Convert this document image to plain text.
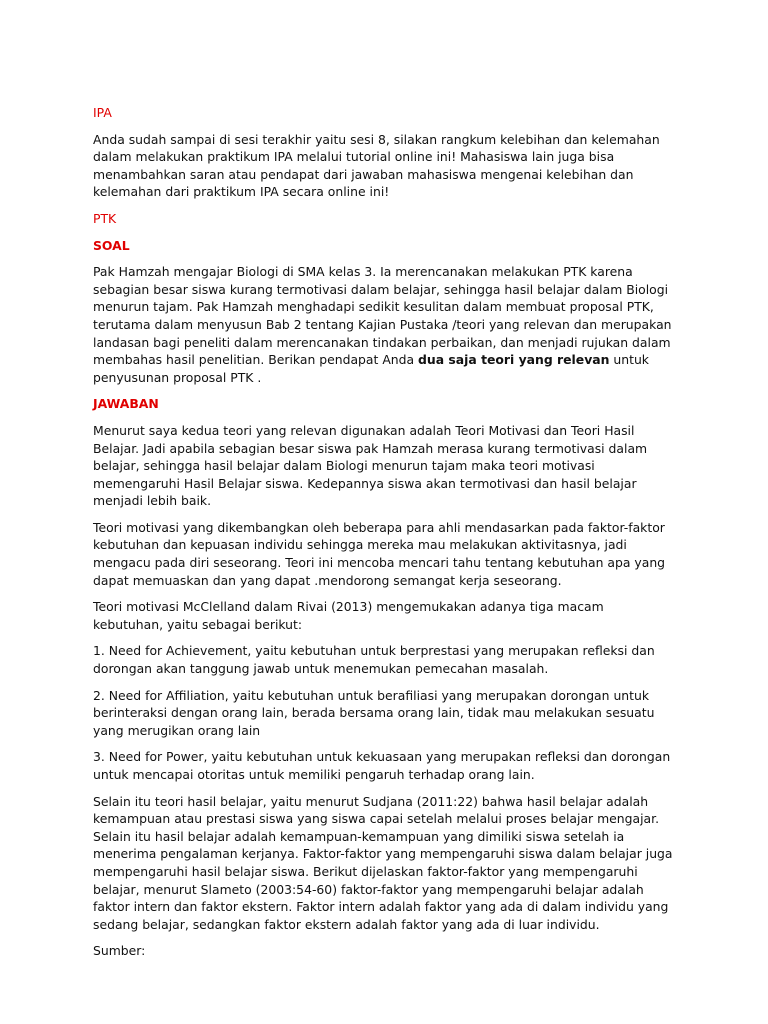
IPA

Anda sudah sampai di sesi terakhir yaitu sesi 8, silakan rangkum kelebihan dan kelemahan dalam melakukan praktikum IPA melalui tutorial online ini! Mahasiswa lain juga bisa menambahkan saran atau pendapat dari jawaban mahasiswa mengenai kelebihan dan kelemahan dari praktikum IPA secara online ini!

PTK
SOAL

Pak Hamzah mengajar Biologi di SMA kelas 3. Ia merencanakan melakukan PTK karena sebagian besar siswa kurang termotivasi dalam belajar, sehingga hasil belajar dalam Biologi menurun tajam. Pak Hamzah menghadapi sedikit kesulitan dalam membuat proposal PTK, terutama dalam menyusun Bab 2 tentang Kajian Pustaka /teori yang relevan dan merupakan landasan bagi peneliti dalam merencanakan tindakan perbaikan, dan menjadi rujukan dalam membahas hasil penelitian. Berikan pendapat Anda dua saja teori yang relevan untuk penyusunan proposal PTK .

JAWABAN

Menurut saya kedua teori yang relevan digunakan adalah Teori Motivasi dan Teori Hasil Belajar. Jadi apabila sebagian besar siswa pak Hamzah merasa kurang termotivasi dalam belajar, sehingga hasil belajar dalam Biologi menurun tajam maka teori motivasi memengaruhi Hasil Belajar siswa. Kedepannya siswa akan termotivasi dan hasil belajar menjadi lebih baik.

Teori motivasi yang dikembangkan oleh beberapa para ahli mendasarkan pada faktor-faktor kebutuhan dan kepuasan individu sehingga mereka mau melakukan aktivitasnya, jadi mengacu pada diri seseorang. Teori ini mencoba mencari tahu tentang kebutuhan apa yang dapat memuaskan dan yang dapat .mendorong semangat kerja seseorang.

Teori motivasi McClelland dalam Rivai (2013) mengemukakan adanya tiga macam kebutuhan, yaitu sebagai berikut:

1. Need for Achievement, yaitu kebutuhan untuk berprestasi yang merupakan refleksi dan dorongan akan tanggung jawab untuk menemukan pemecahan masalah.

2. Need for Affiliation, yaitu kebutuhan untuk berafiliasi yang merupakan dorongan untuk berinteraksi dengan orang lain, berada bersama orang lain, tidak mau melakukan sesuatu yang merugikan orang lain

3. Need for Power, yaitu kebutuhan untuk kekuasaan yang merupakan refleksi dan dorongan untuk mencapai otoritas untuk memiliki pengaruh terhadap orang lain.

Selain itu teori hasil belajar, yaitu menurut Sudjana (2011:22) bahwa hasil belajar adalah kemampuan atau prestasi siswa yang siswa capai setelah melalui proses belajar mengajar. Selain itu hasil belajar adalah kemampuan-kemampuan yang dimiliki siswa setelah ia menerima pengalaman kerjanya. Faktor-faktor yang mempengaruhi siswa dalam belajar juga mempengaruhi hasil belajar siswa. Berikut dijelaskan faktor-faktor yang mempengaruhi belajar, menurut Slameto (2003:54-60) faktor-faktor yang mempengaruhi belajar adalah faktor intern dan faktor ekstern. Faktor intern adalah faktor yang ada di dalam individu yang sedang belajar, sedangkan faktor ekstern adalah faktor yang ada di luar individu.

Sumber:
